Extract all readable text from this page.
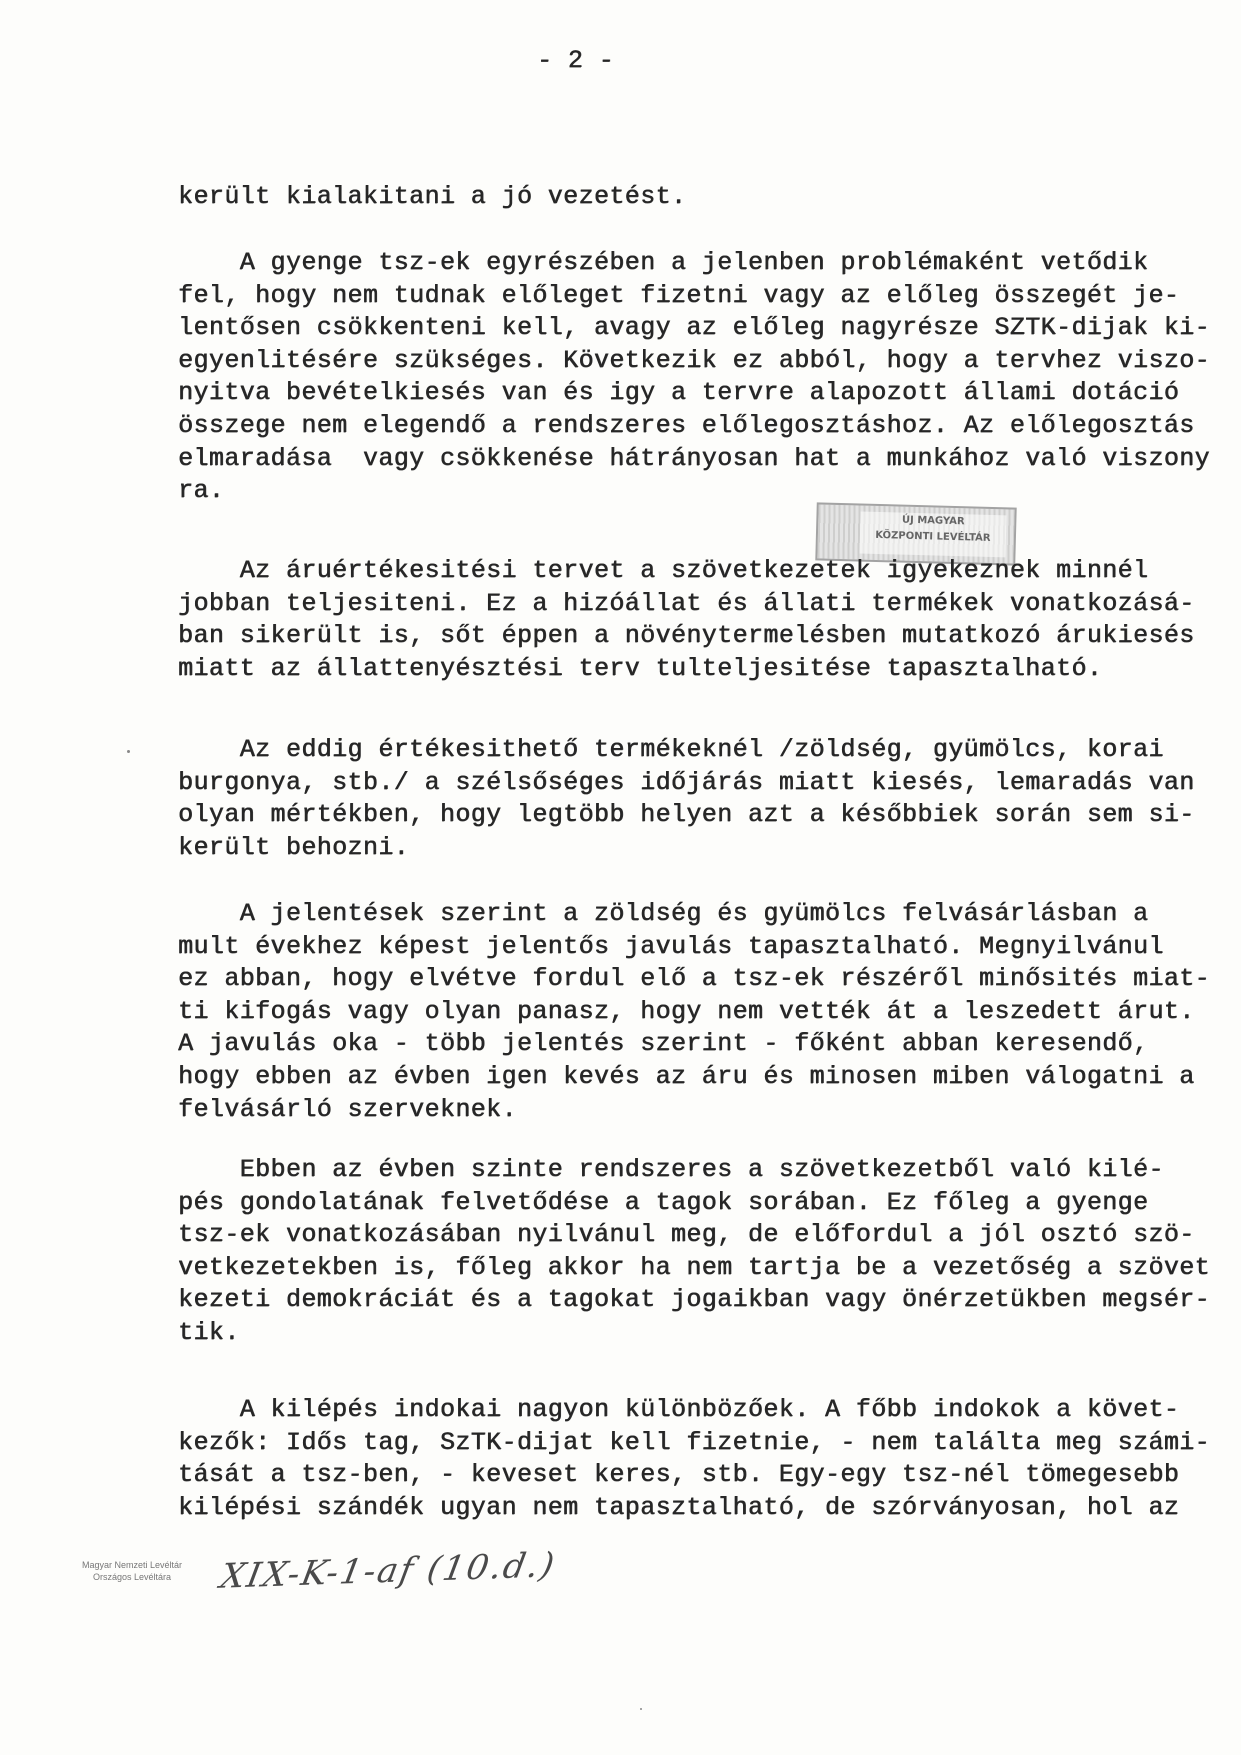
- 2 -
ÚJ MAGYAR
KÖZPONTI LEVÉLTÁR
került kialakitani a jó vezetést.
A gyenge tsz-ek egyrészében a jelenben problémaként vetődik
fel, hogy nem tudnak előleget fizetni vagy az előleg összegét je-
lentősen csökkenteni kell, avagy az előleg nagyrésze SZTK-dijak ki-
egyenlitésére szükséges. Következik ez abból, hogy a tervhez viszo-
nyitva bevételkiesés van és igy a tervre alapozott állami dotáció
összege nem elegendő a rendszeres előlegosztáshoz. Az előlegosztás
elmaradása  vagy csökkenése hátrányosan hat a munkához való viszony
ra.
Az áruértékesitési tervet a szövetkezetek igyekeznek minnél
jobban teljesiteni. Ez a hizóállat és állati termékek vonatkozásá-
ban sikerült is, sőt éppen a növénytermelésben mutatkozó árukiesés
miatt az állattenyésztési terv tulteljesitése tapasztalható.
Az eddig értékesithető termékeknél /zöldség, gyümölcs, korai
burgonya, stb./ a szélsőséges időjárás miatt kiesés, lemaradás van
olyan mértékben, hogy legtöbb helyen azt a későbbiek során sem si-
került behozni.
A jelentések szerint a zöldség és gyümölcs felvásárlásban a
mult évekhez képest jelentős javulás tapasztalható. Megnyilvánul
ez abban, hogy elvétve fordul elő a tsz-ek részéről minősités miat-
ti kifogás vagy olyan panasz, hogy nem vették át a leszedett árut.
A javulás oka - több jelentés szerint - főként abban keresendő,
hogy ebben az évben igen kevés az áru és minosen miben válogatni a
felvásárló szerveknek.
Ebben az évben szinte rendszeres a szövetkezetből való kilé-
pés gondolatának felvetődése a tagok sorában. Ez főleg a gyenge
tsz-ek vonatkozásában nyilvánul meg, de előfordul a jól osztó szö-
vetkezetekben is, főleg akkor ha nem tartja be a vezetőség a szövet
kezeti demokráciát és a tagokat jogaikban vagy önérzetükben megsér-
tik.
A kilépés indokai nagyon különbözőek. A főbb indokok a követ-
kezők: Idős tag, SzTK-dijat kell fizetnie, - nem találta meg számi-
tását a tsz-ben, - keveset keres, stb. Egy-egy tsz-nél tömegesebb
kilépési szándék ugyan nem tapasztalható, de szórványosan, hol az
Magyar Nemzeti Levéltár
Országos Levéltára	XIX-K-1-af (10.d.)
